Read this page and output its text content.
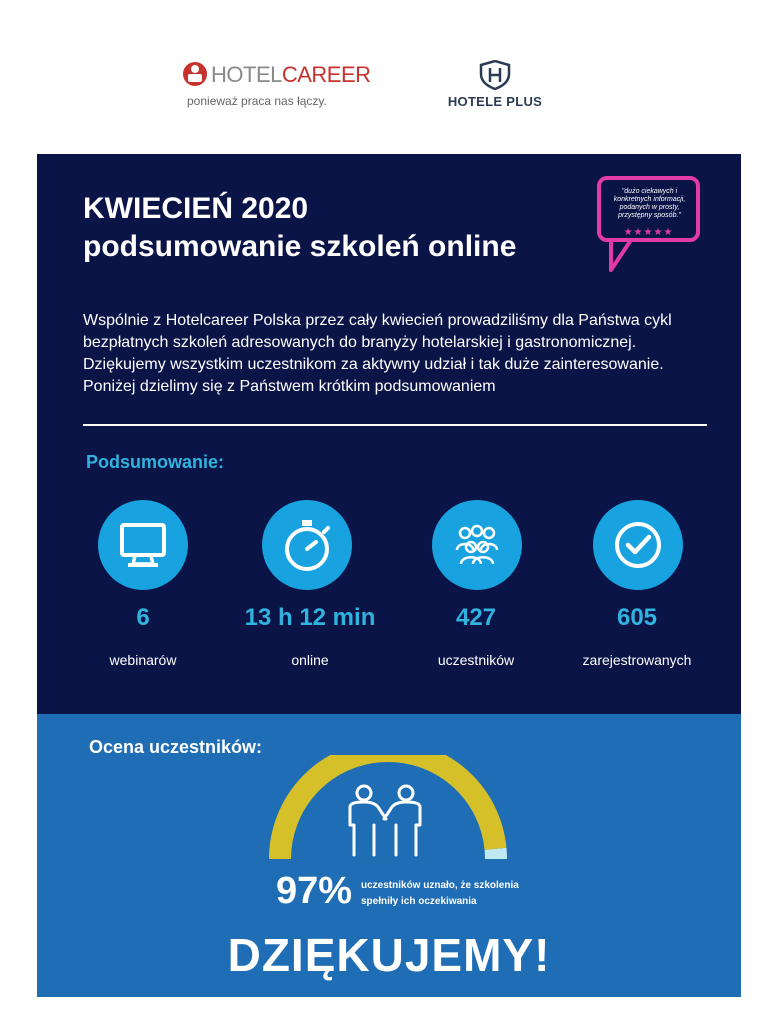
HOTELCAREER
ponieważ praca nas łączy.	HOTELE PLUS
KWIECIEŃ 2020
podsumowanie szkoleń online
"dużo ciekawych i konkretnych informacji, podanych w prosty, przystępny sposób."
★★★★★
Wspólnie z Hotelcareer Polska przez cały kwiecień prowadziliśmy dla Państwa cykl
bezpłatnych szkoleń adresowanych do branyży hotelarskiej i gastronomicznej.
Dziękujemy wszystkim uczestnikom za aktywny udział i tak duże zainteresowanie.
Poniżej dzielimy się z Państwem krótkim podsumowaniem
Podsumowanie:
6
webinarów
13 h 12 min
online
427
uczestników
605
zarejestrowanych
Ocena uczestników:
97% uczestników uznało, że szkolenia spełniły ich oczekiwania
DZIĘKUJEMY!
